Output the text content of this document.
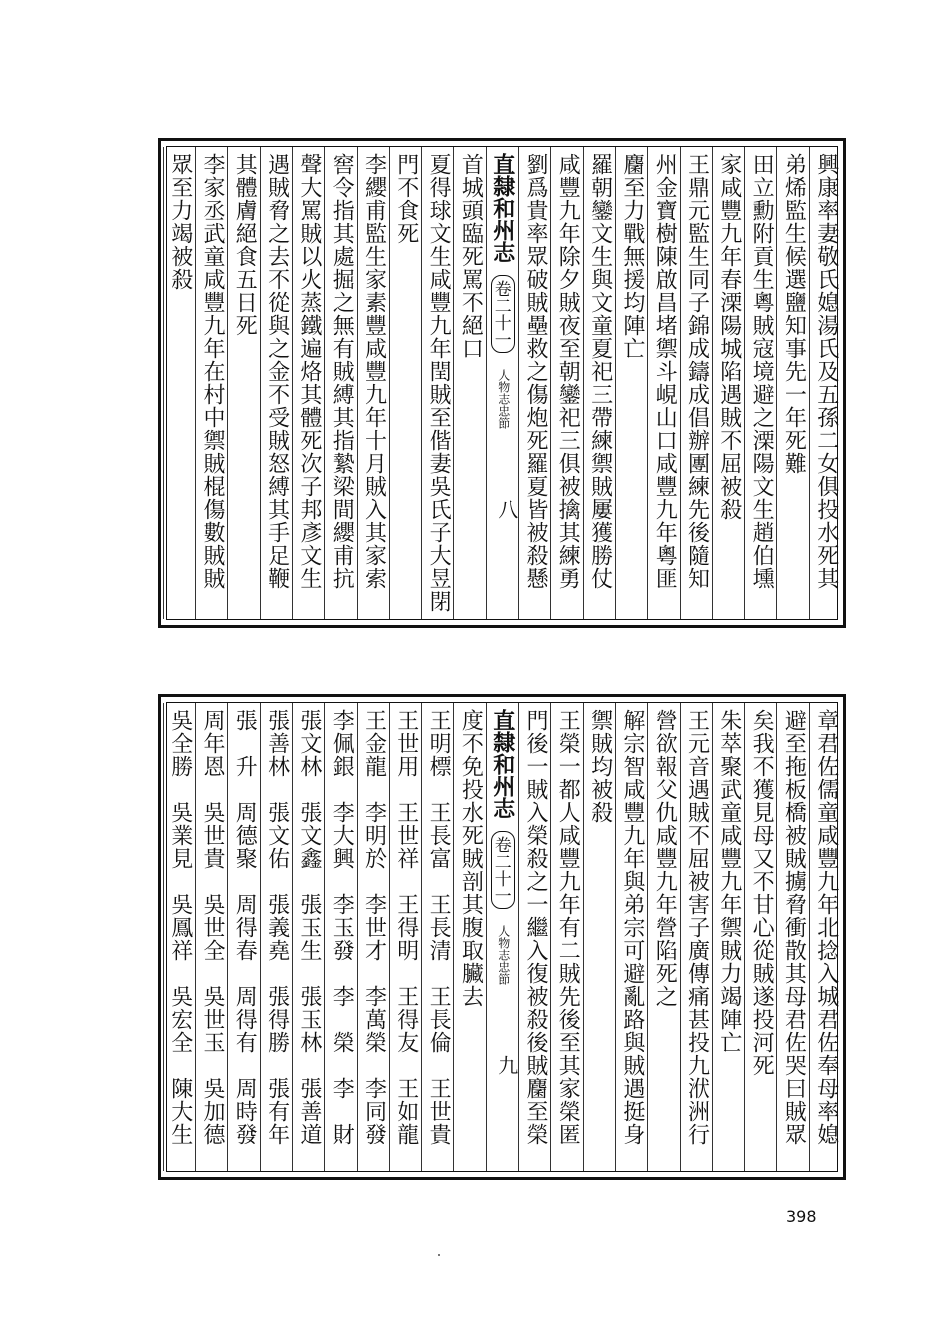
興康率妻敬氏媳湯氏及五孫二女俱投水死其
弟烯監生候選鹽知事先一年死難
田立勳附貢生粵賊寇境避之溧陽文生趙伯壎
家咸豐九年春溧陽城陷遇賊不屈被殺
王鼎元監生同子錦成鑄成倡辦團練先後隨知
州金寶樹陳啟昌堵禦斗峴山口咸豐九年粵匪
麕至力戰無援均陣亡
羅朝鑾文生與文童夏祀三帶練禦賊屢獲勝仗
咸豐九年除夕賊夜至朝鑾祀三俱被擒其練勇
劉爲貴率眾破賊壘救之傷炮死羅夏皆被殺懸
直隸和州志
卷二十一
人物志忠節
八
首城頭臨死罵不絕口
夏得球文生咸豐九年閏賊至偕妻吳氏子大昱閉
門不食死
李纓甫監生家素豐咸豐九年十月賊入其家索
窖令指其處掘之無有賊縛其指縶梁間纓甫抗
聲大罵賊以火蒸鐵遍烙其體死次子邦彥文生
遇賊脅之去不從與之金不受賊怒縛其手足鞭
其體膚絕食五日死
李家丞武童咸豐九年在村中禦賊棍傷數賊賊
眾至力竭被殺
章君佐儒童咸豐九年北捻入城君佐奉母率媳
避至拖板橋被賊擄脅衝散其母君佐哭曰賊眾
矣我不獲見母又不甘心從賊遂投河死
朱萃聚武童咸豐九年禦賊力竭陣亡
王元音遇賊不屈被害子廣傳痛甚投九洑洲行
營欲報父仇咸豐九年營陷死之
解宗智咸豐九年與弟宗可避亂路與賊遇挺身
禦賊均被殺
王榮一都人咸豐九年有二賊先後至其家榮匿
門後一賊入榮殺之一繼入復被殺後賊麕至榮
直隸和州志
卷二十一
人物志忠節
九
度不免投水死賊剖其腹取臟去
王明標　王長富　王長清　王長倫　王世貴
王世用　王世祥　王得明　王得友　王如龍
王金龍　李明於　李世才　李萬榮　李同發
李佩銀　李大興　李玉發　李　榮　李　財
張文林　張文鑫　張玉生　張玉林　張善道
張善林　張文佑　張義堯　張得勝　張有年
張　升　周德聚　周得春　周得有　周時發
周年恩　吳世貴　吳世全　吳世玉　吳加德
吳全勝　吳業見　吳鳳祥　吳宏全　陳大生
398
